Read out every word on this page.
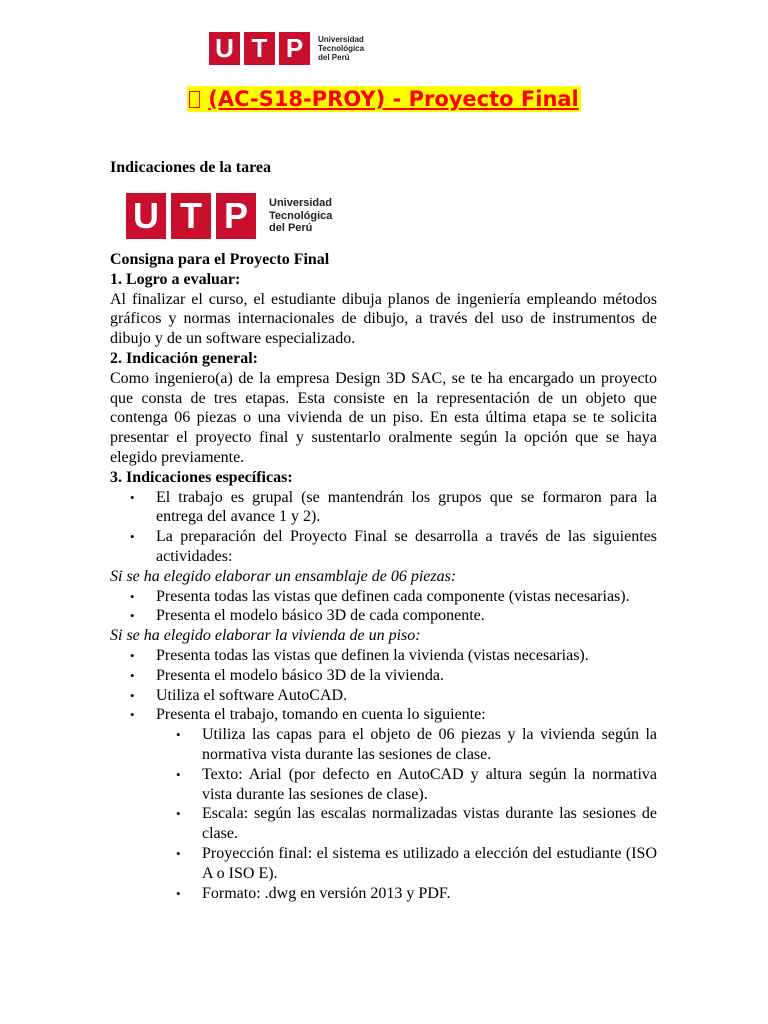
U T P	Universidad
Tecnológica
del Perú
(AC-S18-PROY) - Proyecto Final
Indicaciones de la tarea
U T P	Universidad
Tecnológica
del Perú

Consigna para el Proyecto Final

1. Logro a evaluar:

Al finalizar el curso, el estudiante dibuja planos de ingeniería empleando métodos gráficos y normas internacionales de dibujo, a través del uso de instrumentos de dibujo y de un software especializado.

2. Indicación general:

Como ingeniero(a) de la empresa Design 3D SAC, se te ha encargado un proyecto que consta de tres etapas. Esta consiste en la representación de un objeto que contenga 06 piezas o una vivienda de un piso. En esta última etapa se te solicita presentar el proyecto final y sustentarlo oralmente según la opción que se haya elegido previamente.

3. Indicaciones específicas:

• El trabajo es grupal (se mantendrán los grupos que se formaron para la entrega del avance 1 y 2).
• La preparación del Proyecto Final se desarrolla a través de las siguientes actividades:

Si se ha elegido elaborar un ensamblaje de 06 piezas:

• Presenta todas las vistas que definen cada componente (vistas necesarias).
• Presenta el modelo básico 3D de cada componente.

Si se ha elegido elaborar la vivienda de un piso:

• Presenta todas las vistas que definen la vivienda (vistas necesarias).
• Presenta el modelo básico 3D de la vivienda.
• Utiliza el software AutoCAD.
• Presenta el trabajo, tomando en cuenta lo siguiente:
• Utiliza las capas para el objeto de 06 piezas y la vivienda según la normativa vista durante las sesiones de clase.
• Texto: Arial (por defecto en AutoCAD y altura según la normativa vista durante las sesiones de clase).
• Escala: según las escalas normalizadas vistas durante las sesiones de clase.
• Proyección final: el sistema es utilizado a elección del estudiante (ISO A o ISO E).
• Formato: .dwg en versión 2013 y PDF.
